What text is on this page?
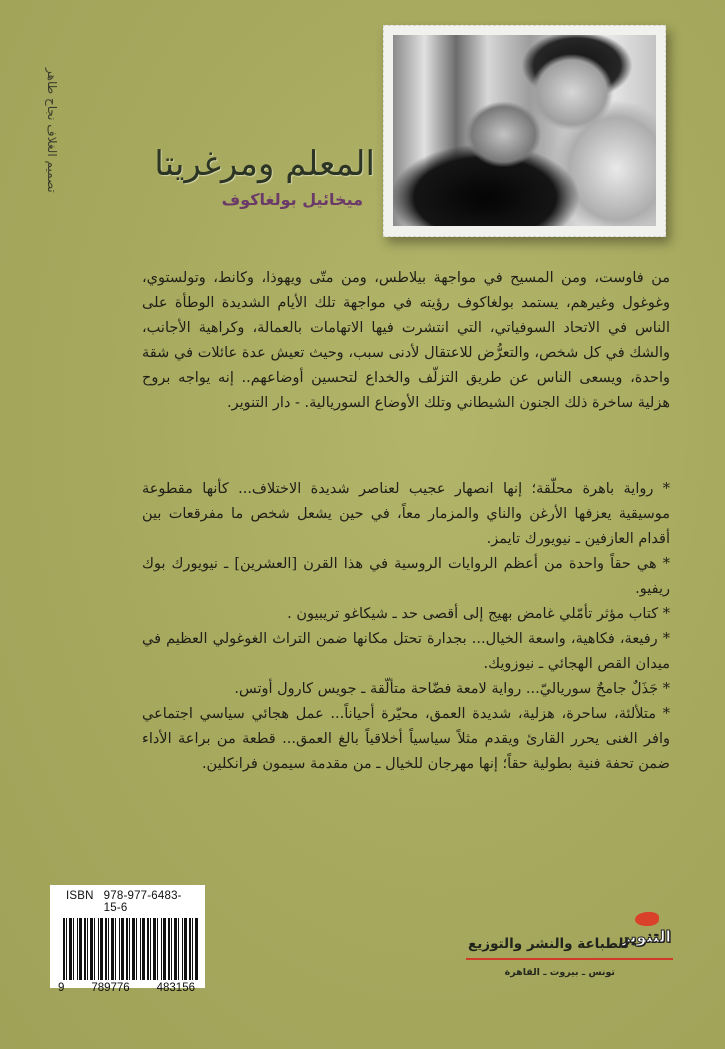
تصميم الغلاف نجاح طاهر	المعلم ومرغريتا
ميخائيل بولغاكوف
من فاوست، ومن المسيح في مواجهة بيلاطس، ومن متّى ويهوذا، وكانط، وتولستوي، وغوغول وغيرهم، يستمد بولغاكوف رؤيته في مواجهة تلك الأيام الشديدة الوطأة على الناس في الاتحاد السوفياتي، التي انتشرت فيها الاتهامات بالعمالة، وكراهية الأجانب، والشك في كل شخص، والتعرُّض للاعتقال لأدنى سبب، وحيث تعيش عدة عائلات في شقة واحدة، ويسعى الناس عن طريق التزلّف والخداع لتحسين أوضاعهم.. إنه يواجه بروح هزلية ساخرة ذلك الجنون الشيطاني وتلك الأوضاع السوريالية. - دار التنوير.

* رواية باهرة محلّقة؛ إنها انصهار عجيب لعناصر شديدة الاختلاف... كأنها مقطوعة موسيقية يعزفها الأرغن والناي والمزمار معاً، في حين يشعل شخص ما مفرقعات بين أقدام العازفين ـ نيويورك تايمز.

* هي حقاً واحدة من أعظم الروايات الروسية في هذا القرن [العشرين] ـ نيويورك بوك ريفيو.

* كتاب مؤثر تأمّلي غامض بهيج إلى أقصى حد ـ شيكاغو تريبيون .

* رفيعة، فكاهية، واسعة الخيال... بجدارة تحتل مكانها ضمن التراث الغوغولي العظيم في ميدان القص الهجائي ـ نيوزويك.

* جَذَلٌ جامحٌ سورياليّ... رواية لامعة فضّاحة متألّقة ـ جويس كارول أوتس.

* متلألئة، ساحرة، هزلية، شديدة العمق، محيّرة أحياناً... عمل هجائي سياسي اجتماعي وافر الغنى يحرر القارئ ويقدم مثلاً سياسياً أخلاقياً بالغ العمق... قطعة من براعة الأداء ضمن تحفة فنية بطولية حقاً؛ إنها مهرجان للخيال ـ من مقدمة سيمون فرانكلين.

ISBN 978-977-6483-15-6
9 789776 483156
التنوير
للطباعة والنشر والتوزيع
تونس ـ بيروت ـ القاهرة
